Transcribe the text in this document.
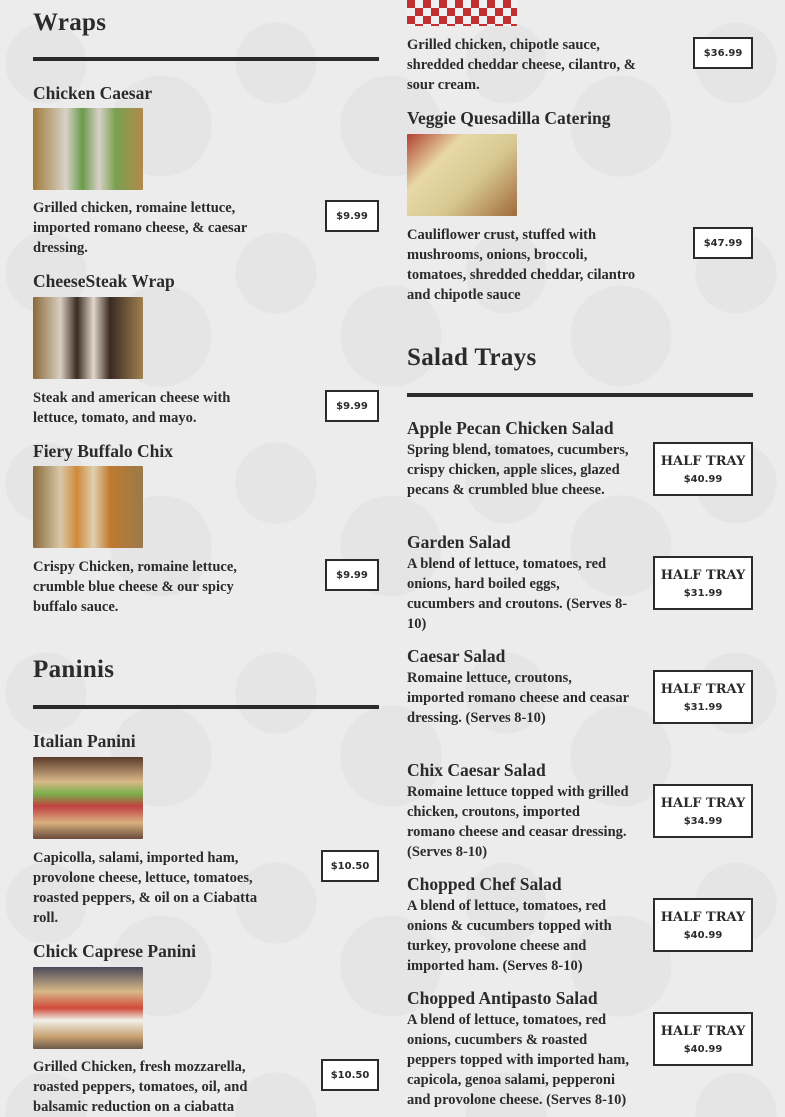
Wraps
Chicken Caesar
Grilled chicken, romaine lettuce, imported romano cheese, & caesar dressing.
$9.99
CheeseSteak Wrap
Steak and american cheese with lettuce, tomato, and mayo.
$9.99
Fiery Buffalo Chix
Crispy Chicken, romaine lettuce, crumble blue cheese & our spicy buffalo sauce.
$9.99
Paninis
Italian Panini
Capicolla, salami, imported ham, provolone cheese, lettuce, tomatoes, roasted peppers, & oil on a Ciabatta roll.
$10.50
Chick Caprese Panini
Grilled Chicken, fresh mozzarella, roasted peppers, tomatoes, oil, and balsamic reduction on a ciabatta
$10.50
Grilled chicken, chipotle sauce, shredded cheddar cheese, cilantro, & sour cream.
$36.99
Veggie Quesadilla Catering
Cauliflower crust, stuffed with mushrooms, onions, broccoli, tomatoes, shredded cheddar, cilantro and chipotle sauce
$47.99
Salad Trays
Apple Pecan Chicken Salad
Spring blend, tomatoes, cucumbers, crispy chicken, apple slices, glazed pecans & crumbled blue cheese.
HALF TRAY
$40.99
Garden Salad
A blend of lettuce, tomatoes, red onions, hard boiled eggs, cucumbers and croutons. (Serves 8-10)
HALF TRAY
$31.99
Caesar Salad
Romaine lettuce, croutons, imported romano cheese and ceasar dressing. (Serves 8-10)
HALF TRAY
$31.99
Chix Caesar Salad
Romaine lettuce topped with grilled chicken, croutons, imported romano cheese and ceasar dressing. (Serves 8-10)
HALF TRAY
$34.99
Chopped Chef Salad
A blend of lettuce, tomatoes, red onions & cucumbers topped with turkey, provolone cheese and imported ham. (Serves 8-10)
HALF TRAY
$40.99
Chopped Antipasto Salad
A blend of lettuce, tomatoes, red onions, cucumbers & roasted peppers topped with imported ham, capicola, genoa salami, pepperoni and provolone cheese. (Serves 8-10)
HALF TRAY
$40.99
